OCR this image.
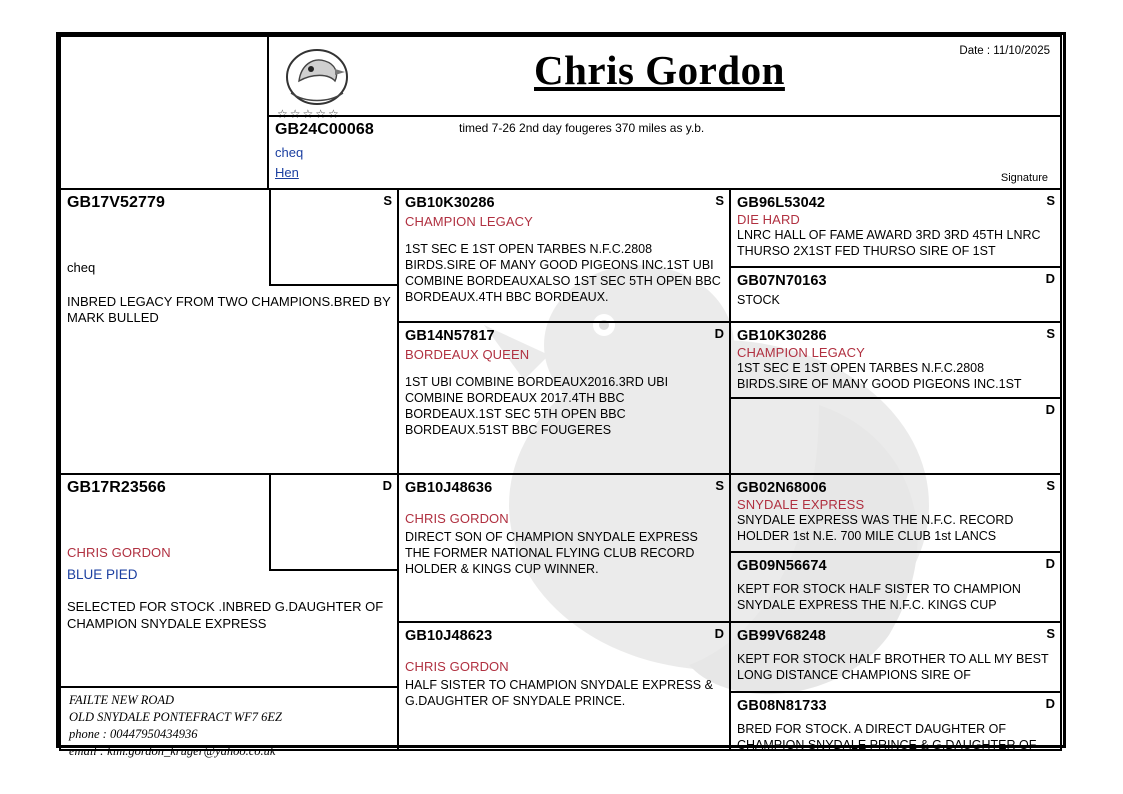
☆☆☆☆☆
Chris Gordon	Date : 11/10/2025
GB24C00068	timed 7-26 2nd day fougeres 370 miles as y.b.
cheq
Hen	Signature
GB17V52779
cheq
INBRED LEGACY FROM TWO CHAMPIONS.BRED BY MARK BULLED
S
GB17R23566
CHRIS GORDON
BLUE PIED
SELECTED FOR STOCK .INBRED G.DAUGHTER OF CHAMPION SNYDALE EXPRESS
D
FAILTE NEW ROAD
OLD SNYDALE PONTEFRACT WF7 6EZ
phone : 00447950434936
email : kim.gordon_kruger@yahoo.co.uk
S
GB10K30286
CHAMPION LEGACY
1ST SEC E 1ST OPEN TARBES N.F.C.2808 BIRDS.SIRE OF MANY GOOD PIGEONS INC.1ST UBI COMBINE BORDEAUXALSO 1ST SEC 5TH OPEN BBC BORDEAUX.4TH BBC BORDEAUX.
D
GB14N57817
BORDEAUX QUEEN
1ST UBI COMBINE BORDEAUX2016.3RD UBI COMBINE BORDEAUX 2017.4TH BBC BORDEAUX.1ST SEC 5TH OPEN BBC BORDEAUX.51ST BBC FOUGERES
S
GB10J48636
CHRIS GORDON
DIRECT SON OF CHAMPION SNYDALE EXPRESS THE FORMER NATIONAL FLYING CLUB RECORD HOLDER & KINGS CUP WINNER.
D
GB10J48623
CHRIS GORDON
HALF SISTER TO CHAMPION SNYDALE EXPRESS & G.DAUGHTER OF SNYDALE PRINCE.
S
GB96L53042
DIE HARD
LNRC HALL OF FAME AWARD 3RD 3RD 45TH LNRC THURSO 2X1ST FED THURSO SIRE OF 1ST
D
GB07N70163
STOCK
S
GB10K30286
CHAMPION LEGACY
1ST SEC E 1ST OPEN TARBES N.F.C.2808 BIRDS.SIRE OF MANY GOOD PIGEONS INC.1ST
D
S
GB02N68006
SNYDALE EXPRESS
SNYDALE EXPRESS WAS THE N.F.C. RECORD HOLDER 1st N.E. 700 MILE CLUB 1st LANCS
D
GB09N56674
KEPT FOR STOCK HALF SISTER TO CHAMPION SNYDALE EXPRESS THE N.F.C. KINGS CUP
S
GB99V68248
KEPT FOR STOCK HALF BROTHER TO ALL MY BEST LONG DISTANCE CHAMPIONS SIRE OF
D
GB08N81733
BRED FOR STOCK. A DIRECT DAUGHTER OF CHAMPION SNYDALE PRINCE & G.DAUGHTER OF
